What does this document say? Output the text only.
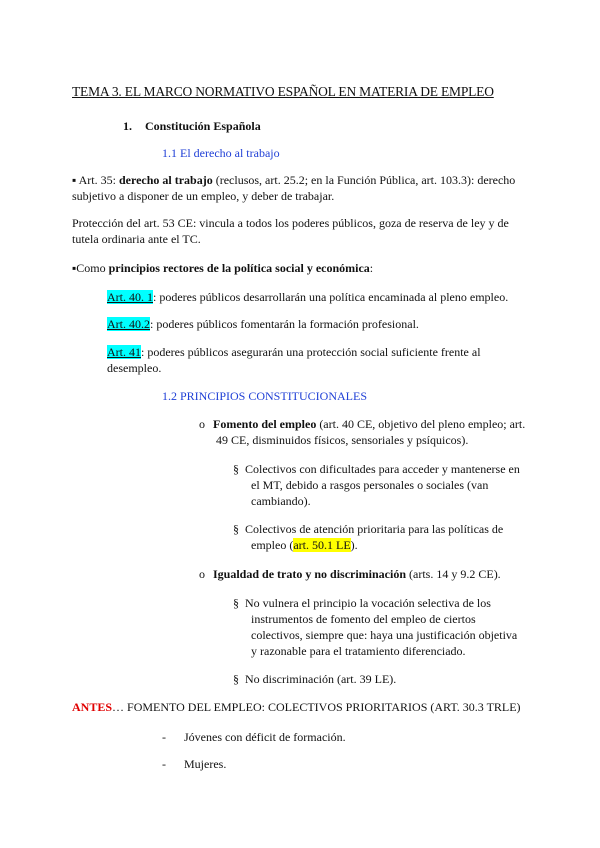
TEMA 3. EL MARCO NORMATIVO ESPAÑOL EN MATERIA DE EMPLEO
1. Constitución Española
1.1 El derecho al trabajo
▪ Art. 35: derecho al trabajo (reclusos, art. 25.2; en la Función Pública, art. 103.3): derecho
subjetivo a disponer de un empleo, y deber de trabajar.
Protección del art. 53 CE: vincula a todos los poderes públicos, goza de reserva de ley y de
tutela ordinaria ante el TC.
▪Como principios rectores de la política social y económica:
Art. 40. 1: poderes públicos desarrollarán una política encaminada al pleno empleo.
Art. 40.2: poderes públicos fomentarán la formación profesional.
Art. 41: poderes públicos asegurarán una protección social suficiente frente al
desempleo.
1.2 PRINCIPIOS CONSTITUCIONALES
o Fomento del empleo (art. 40 CE, objetivo del pleno empleo; art.
49 CE, disminuidos físicos, sensoriales y psíquicos).
§ Colectivos con dificultades para acceder y mantenerse en
el MT, debido a rasgos personales o sociales (van
cambiando).
§ Colectivos de atención prioritaria para las políticas de
empleo (art. 50.1 LE).
o Igualdad de trato y no discriminación (arts. 14 y 9.2 CE).
§ No vulnera el principio la vocación selectiva de los
instrumentos de fomento del empleo de ciertos
colectivos, siempre que: haya una justificación objetiva
y razonable para el tratamiento diferenciado.
§ No discriminación (art. 39 LE).
ANTES… FOMENTO DEL EMPLEO: COLECTIVOS PRIORITARIOS (ART. 30.3 TRLE)
- Jóvenes con déficit de formación.
- Mujeres.
